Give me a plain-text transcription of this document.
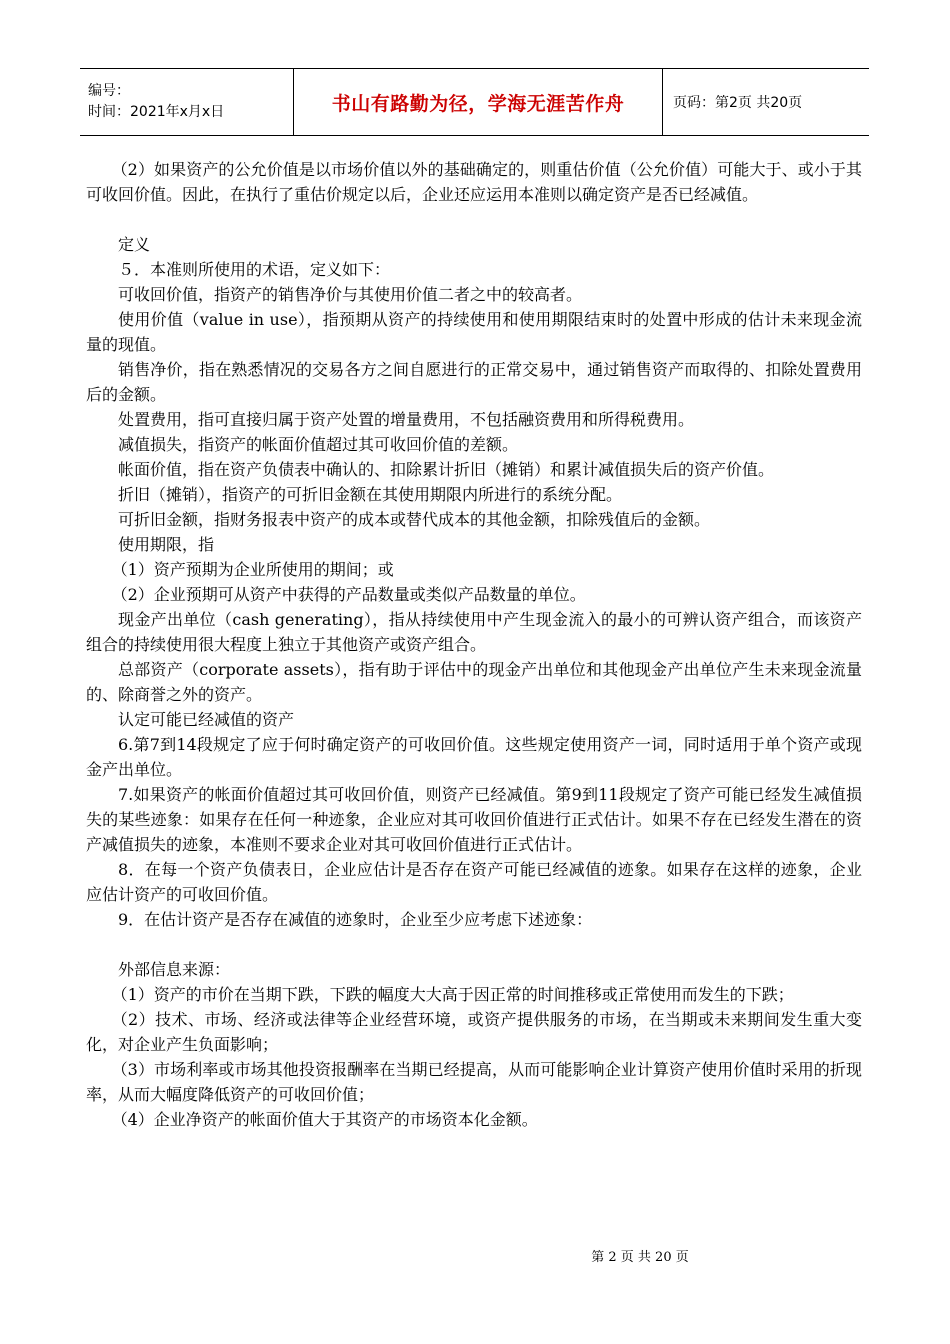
编号：
时间：2021年x月x日	书山有路勤为径，学海无涯苦作舟	页码：第2页 共20页

（2）如果资产的公允价值是以市场价值以外的基础确定的，则重估价值（公允价值）可能大于、或小于其可收回价值。因此，在执行了重估价规定以后，企业还应运用本准则以确定资产是否已经减值。

定义

５．本准则所使用的术语，定义如下：

可收回价值，指资产的销售净价与其使用价值二者之中的较高者。

使用价值（value in use），指预期从资产的持续使用和使用期限结束时的处置中形成的估计未来现金流量的现值。

销售净价，指在熟悉情况的交易各方之间自愿进行的正常交易中，通过销售资产而取得的、扣除处置费用后的金额。

处置费用，指可直接归属于资产处置的增量费用，不包括融资费用和所得税费用。

减值损失，指资产的帐面价值超过其可收回价值的差额。

帐面价值，指在资产负债表中确认的、扣除累计折旧（摊销）和累计减值损失后的资产价值。

折旧（摊销），指资产的可折旧金额在其使用期限内所进行的系统分配。

可折旧金额，指财务报表中资产的成本或替代成本的其他金额，扣除残值后的金额。

使用期限，指

（1）资产预期为企业所使用的期间；或

（2）企业预期可从资产中获得的产品数量或类似产品数量的单位。

现金产出单位（cash generating），指从持续使用中产生现金流入的最小的可辨认资产组合，而该资产组合的持续使用很大程度上独立于其他资产或资产组合。

总部资产（corporate assets），指有助于评估中的现金产出单位和其他现金产出单位产生未来现金流量的、除商誉之外的资产。

认定可能已经减值的资产

6.第7到14段规定了应于何时确定资产的可收回价值。这些规定使用资产一词，同时适用于单个资产或现金产出单位。

7.如果资产的帐面价值超过其可收回价值，则资产已经减值。第9到11段规定了资产可能已经发生减值损失的某些迹象：如果存在任何一种迹象，企业应对其可收回价值进行正式估计。如果不存在已经发生潜在的资产减值损失的迹象，本准则不要求企业对其可收回价值进行正式估计。

8．在每一个资产负债表日，企业应估计是否存在资产可能已经减值的迹象。如果存在这样的迹象，企业应估计资产的可收回价值。

9．在估计资产是否存在减值的迹象时，企业至少应考虑下述迹象：

外部信息来源：

（1）资产的市价在当期下跌，下跌的幅度大大高于因正常的时间推移或正常使用而发生的下跌；

（2）技术、市场、经济或法律等企业经营环境，或资产提供服务的市场，在当期或未来期间发生重大变化，对企业产生负面影响；

（3）市场利率或市场其他投资报酬率在当期已经提高，从而可能影响企业计算资产使用价值时采用的折现率，从而大幅度降低资产的可收回价值；

（4）企业净资产的帐面价值大于其资产的市场资本化金额。

第 2 页 共 20 页
